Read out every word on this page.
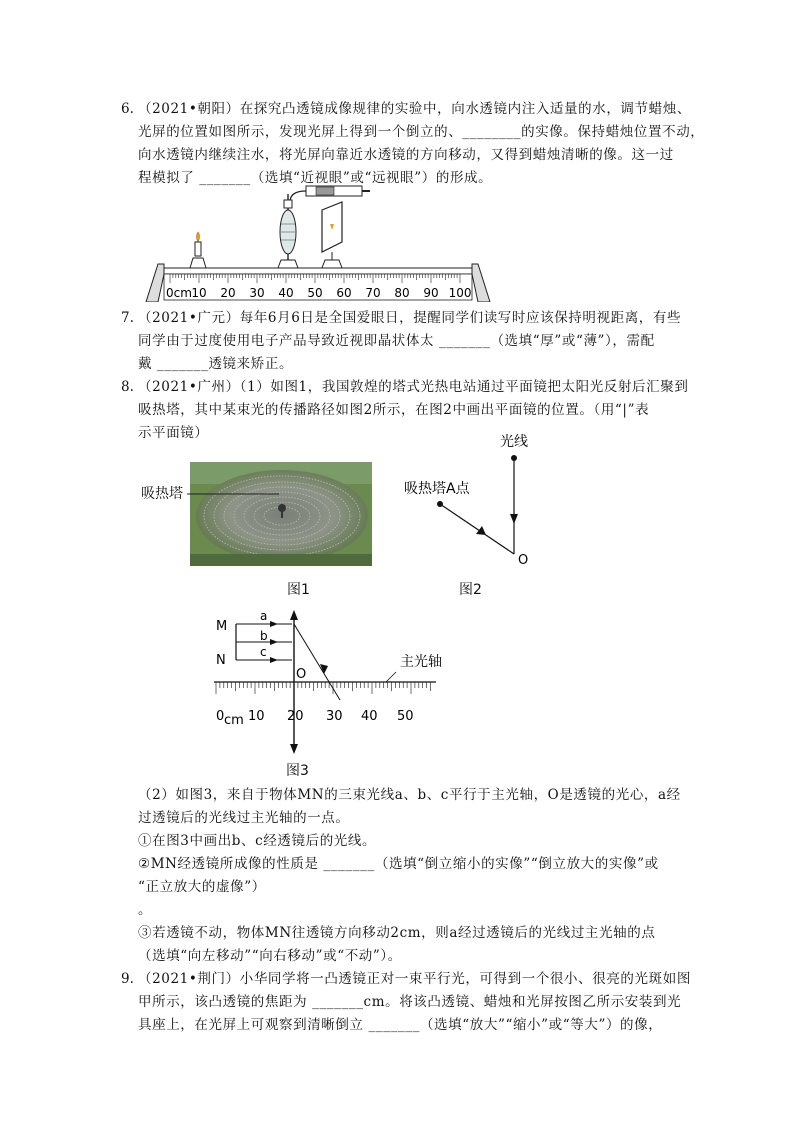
6. （2021•朝阳）在探究凸透镜成像规律的实验中，向水透镜内注入适量的水，调节蜡烛、
光屏的位置如图所示，发现光屏上得到一个倒立的、________的实像。保持蜡烛位置不动，
向水透镜内继续注水，将光屏向靠近水透镜的方向移动，又得到蜡烛清晰的像。这一过
程模拟了 _______（选填“近视眼”或“远视眼”）的形成。
0cm 10 20 30 40 50 60 70 80 90 100
7. （2021•广元）每年6月6日是全国爱眼日，提醒同学们读写时应该保持明视距离，有些
同学由于过度使用电子产品导致近视即晶状体太 _______（选填“厚”或“薄”），需配
戴 _______透镜来矫正。
8. （2021•广州）（1）如图1，我国敦煌的塔式光热电站通过平面镜把太阳光反射后汇聚到
吸热塔，其中某束光的传播路径如图2所示，在图2中画出平面镜的位置。（用“|”表
示平面镜）
吸热塔
图1
光线
吸热塔A点
O
图2
M
N
a
b
c
O
主光轴
0 cm 10 20 30 40 50
图3
（2）如图3，来自于物体MN的三束光线a、b、c平行于主光轴，O是透镜的光心，a经
过透镜后的光线过主光轴的一点。
①在图3中画出b、c经透镜后的光线。
②MN经透镜所成像的性质是 _______（选填“倒立缩小的实像”“倒立放大的实像”或
“正立放大的虚像”）
。
③若透镜不动，物体MN往透镜方向移动2cm，则a经过透镜后的光线过主光轴的点
（选填“向左移动”“向右移动”或“不动”）。
9. （2021•荆门）小华同学将一凸透镜正对一束平行光，可得到一个很小、很亮的光斑如图
甲所示，该凸透镜的焦距为 _______cm。将该凸透镜、蜡烛和光屏按图乙所示安装到光
具座上，在光屏上可观察到清晰倒立 _______（选填“放大”“缩小”或“等大”）的像，
